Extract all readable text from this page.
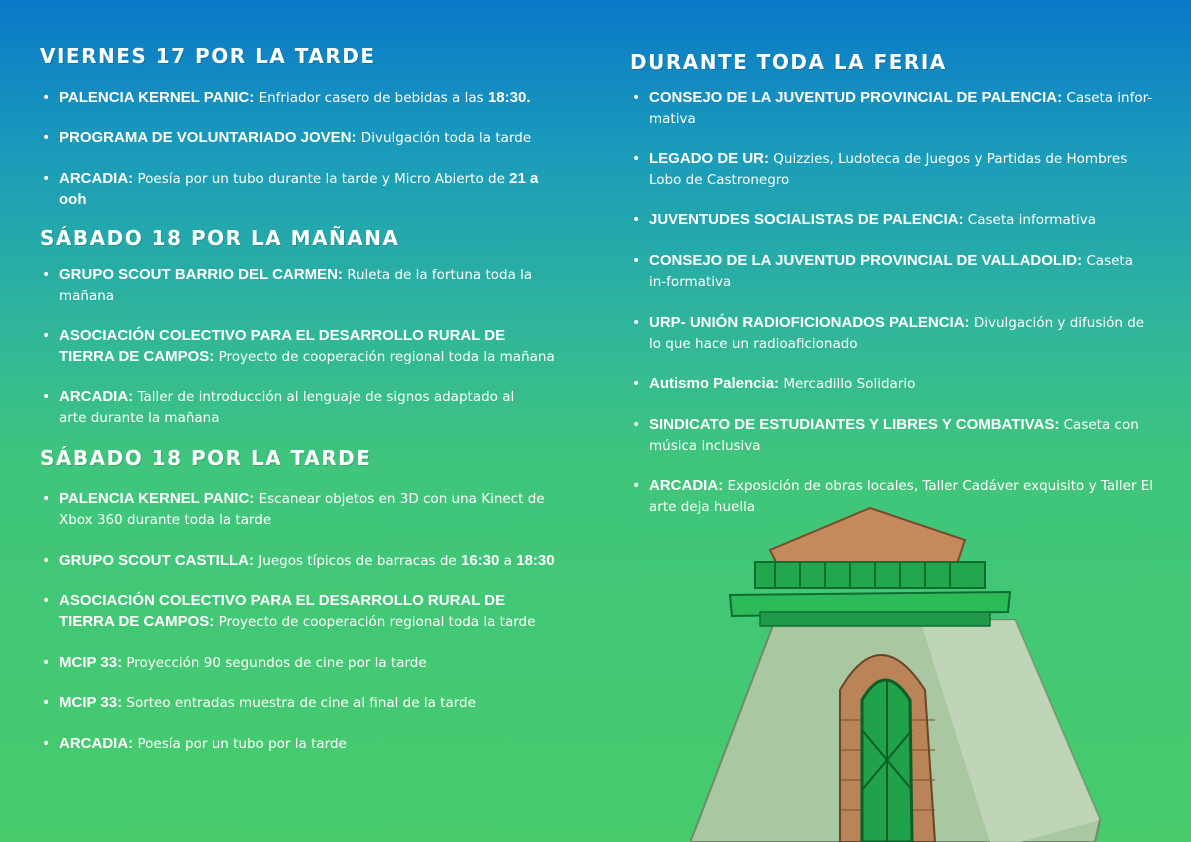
VIERNES 17 POR LA TARDE
• PALENCIA KERNEL PANIC: Enfriador casero de bebidas a las 18:30.
• PROGRAMA DE VOLUNTARIADO JOVEN: Divulgación toda la tarde
• ARCADIA: Poesía por un tubo durante la tarde y Micro Abierto de 21 a ooh
SÁBADO 18 POR LA MAÑANA
• GRUPO SCOUT BARRIO DEL CARMEN: Ruleta de la fortuna toda la mañana
• ASOCIACIÓN COLECTIVO PARA EL DESARROLLO RURAL DE TIERRA DE CAMPOS: Proyecto de cooperación regional toda la mañana
• ARCADIA: Taller de introducción al lenguaje de signos adaptado al arte durante la mañana
SÁBADO 18 POR LA TARDE
• PALENCIA KERNEL PANIC: Escanear objetos en 3D con una Kinect de Xbox 360 durante toda la tarde
• GRUPO SCOUT CASTILLA: Juegos típicos de barracas de 16:30 a 18:30
• ASOCIACIÓN COLECTIVO PARA EL DESARROLLO RURAL DE TIERRA DE CAMPOS: Proyecto de cooperación regional toda la tarde
• MCIP 33: Proyección 90 segundos de cine por la tarde
• MCIP 33: Sorteo entradas muestra de cine al final de la tarde
• ARCADIA: Poesía por un tubo por la tarde
DURANTE TODA LA FERIA
• CONSEJO DE LA JUVENTUD PROVINCIAL DE PALENCIA: Caseta infor-mativa
• LEGADO DE UR: Quizzies, Ludoteca de Juegos y Partidas de Hombres Lobo de Castronegro
• JUVENTUDES SOCIALISTAS DE PALENCIA: Caseta informativa
• CONSEJO DE LA JUVENTUD PROVINCIAL DE VALLADOLID: Caseta in-formativa
• URP- UNIÓN RADIOFICIONADOS PALENCIA: Divulgación y difusión de lo que hace un radioaficionado
• Autismo Palencia: Mercadillo Solidario
• SINDICATO DE ESTUDIANTES Y LIBRES Y COMBATIVAS: Caseta con música inclusiva
• ARCADIA: Exposición de obras locales, Taller Cadáver exquisito y Taller El arte deja huella
